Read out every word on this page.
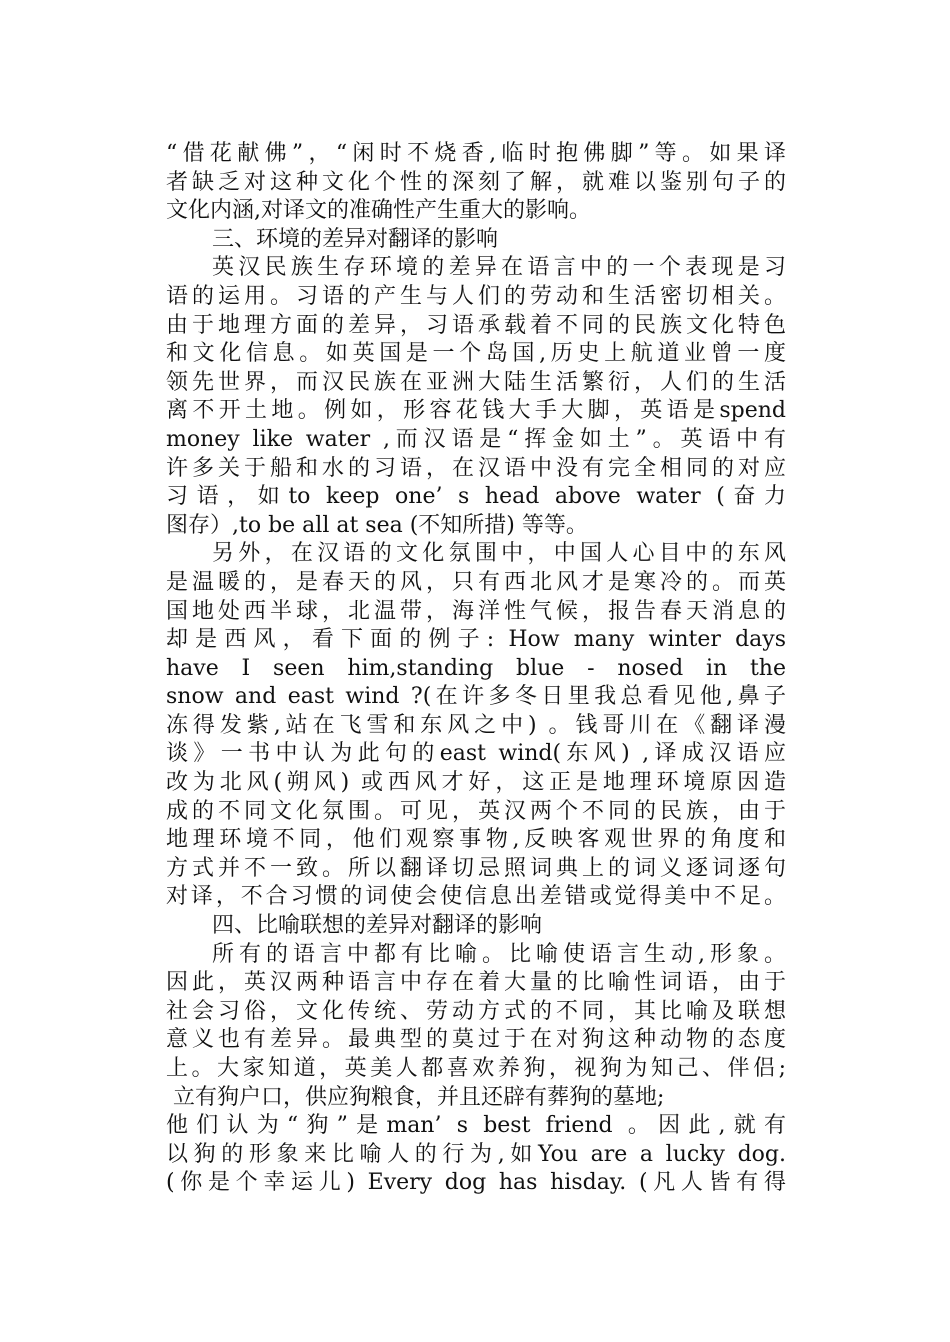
“借花献佛”，“闲时不烧香,临时抱佛脚”等。如果译
者缺乏对这种文化个性的深刻了解，就难以鉴别句子的
文化内涵,对译文的准确性产生重大的影响。
三、环境的差异对翻译的影响
英汉民族生存环境的差异在语言中的一个表现是习
语的运用。习语的产生与人们的劳动和生活密切相关。
由于地理方面的差异，习语承载着不同的民族文化特色
和文化信息。如英国是一个岛国,历史上航道业曾一度
领先世界，而汉民族在亚洲大陆生活繁衍，人们的生活
离不开土地。例如，形容花钱大手大脚，英语是spend
money like water ,而汉语是“挥金如土”。英语中有
许多关于船和水的习语，在汉语中没有完全相同的对应
习语，如to keep one’ s head above water (奋力
图存）,to be all at sea (不知所措) 等等。
另外，在汉语的文化氛围中，中国人心目中的东风
是温暖的，是春天的风，只有西北风才是寒冷的。而英
国地处西半球，北温带，海洋性气候，报告春天消息的
却是西风，看下面的例子: How many winter days
have I seen him,standing blue - nosed in the
snow and east wind ?(在许多冬日里我总看见他,鼻子
冻得发紫,站在飞雪和东风之中) 。钱哥川在《翻译漫
谈》一书中认为此句的east wind(东风) ,译成汉语应
改为北风(朔风) 或西风才好，这正是地理环境原因造
成的不同文化氛围。可见，英汉两个不同的民族，由于
地理环境不同，他们观察事物,反映客观世界的角度和
方式并不一致。所以翻译切忌照词典上的词义逐词逐句
对译，不合习惯的词使会使信息出差错或觉得美中不足。
四、比喻联想的差异对翻译的影响
所有的语言中都有比喻。比喻使语言生动,形象。
因此，英汉两种语言中存在着大量的比喻性词语，由于
社会习俗，文化传统、劳动方式的不同，其比喻及联想
意义也有差异。最典型的莫过于在对狗这种动物的态度
上。大家知道，英美人都喜欢养狗，视狗为知己、伴侣;
立有狗户口，供应狗粮食，并且还辟有葬狗的墓地;
他们认为“狗”是man’ s best friend 。因此,就有
以狗的形象来比喻人的行为,如You are a lucky dog.
(你是个幸运儿) Every dog has hisday. (凡人皆有得
